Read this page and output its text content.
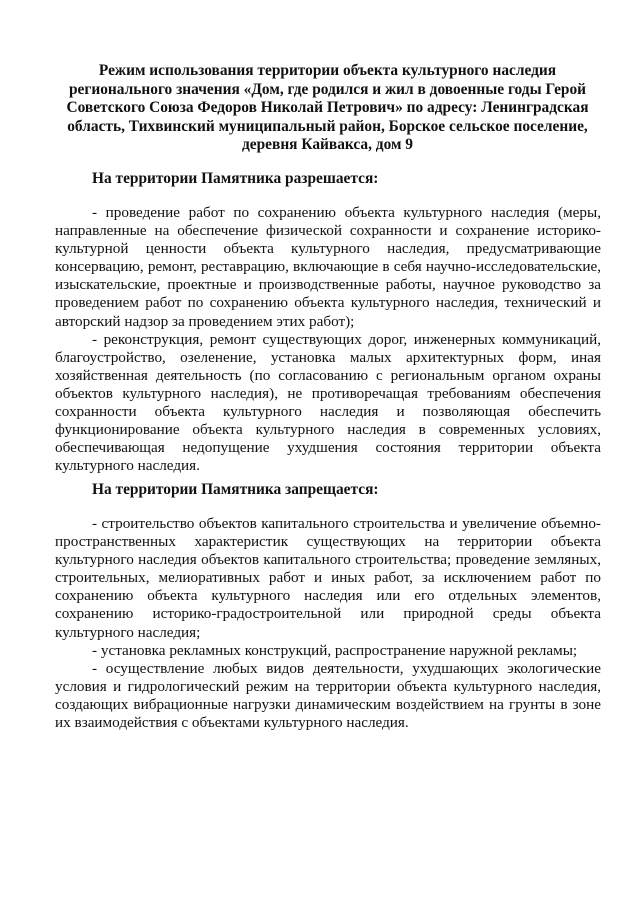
Режим использования территории объекта культурного наследия регионального значения «Дом, где родился и жил в довоенные годы Герой Советского Союза Федоров Николай Петрович» по адресу: Ленинградская область, Тихвинский муниципальный район, Борское сельское поселение, деревня Кайвакса, дом 9
На территории Памятника разрешается:

- проведение работ по сохранению объекта культурного наследия (меры, направленные на обеспечение физической сохранности и сохранение историко-культурной ценности объекта культурного наследия, предусматривающие консервацию, ремонт, реставрацию, включающие в себя научно-исследовательские, изыскательские, проектные и производственные работы, научное руководство за проведением работ по сохранению объекта культурного наследия, технический и авторский надзор за проведением этих работ);

- реконструкция, ремонт существующих дорог, инженерных коммуникаций, благоустройство, озеленение, установка малых архитектурных форм, иная хозяйственная деятельность (по согласованию с региональным органом охраны объектов культурного наследия), не противоречащая требованиям обеспечения сохранности объекта культурного наследия и позволяющая обеспечить функционирование объекта культурного наследия в современных условиях, обеспечивающая недопущение ухудшения состояния территории объекта культурного наследия.

На территории Памятника запрещается:

- строительство объектов капитального строительства и увеличение объемно-пространственных характеристик существующих на территории объекта культурного наследия объектов капитального строительства; проведение земляных, строительных, мелиоративных работ и иных работ, за исключением работ по сохранению объекта культурного наследия или его отдельных элементов, сохранению историко-градостроительной или природной среды объекта культурного наследия;

- установка рекламных конструкций, распространение наружной рекламы;

- осуществление любых видов деятельности, ухудшающих экологические условия и гидрологический режим на территории объекта культурного наследия, создающих вибрационные нагрузки динамическим воздействием на грунты в зоне их взаимодействия с объектами культурного наследия.
